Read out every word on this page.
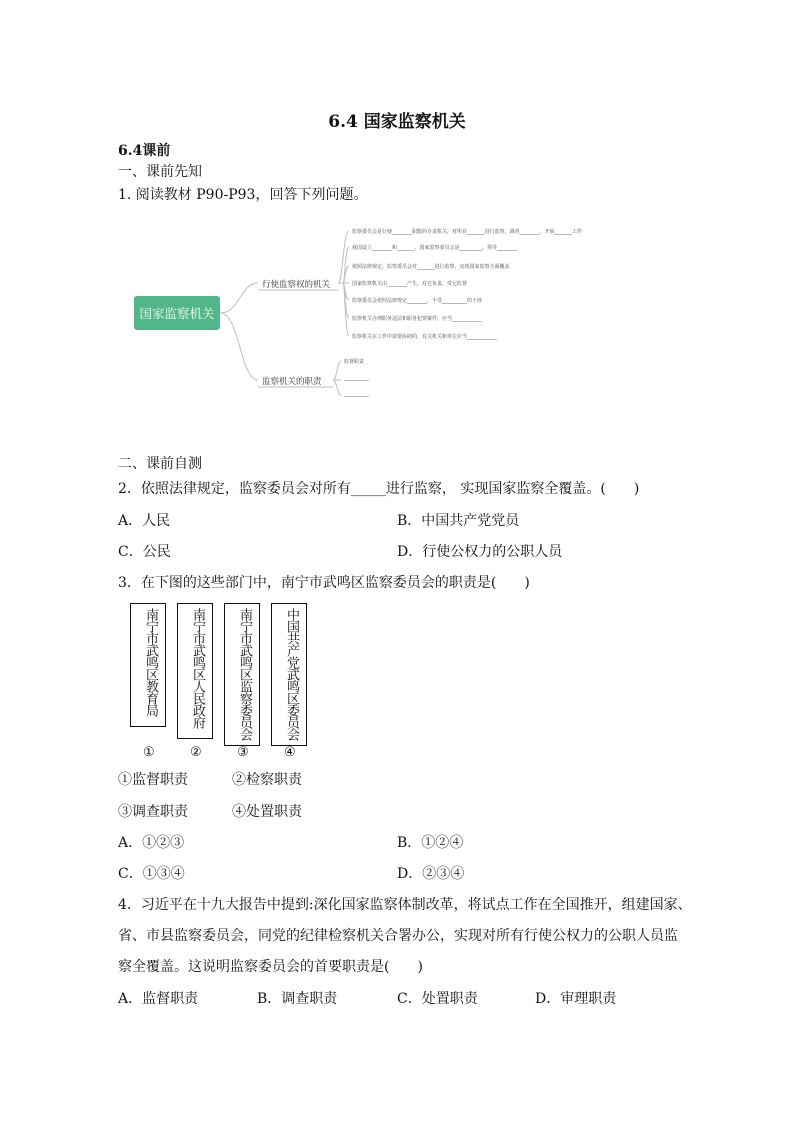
6.4 国家监察机关
6.4课前
一、课前先知
1. 阅读教材 P90-P93，回答下列问题。
国家监察机关
行使监察权的机关
监察机关的职责
监察委员会是行使________职能的专责机关，对所有_______进行监察，调查________，开展_______工作
我国设立________和_______，国家监察委员会是_________，领导________
依照法律规定，监察委员会对_______进行监察，实现国家监察全面覆盖
国家监察机关由________产生，对它负责，受它监督
监察委员会依照法律规定________，不受__________的干涉
监察机关办理职务违法和职务犯罪案件，应当____________
监察机关在工作中需要协助的，有关机关和单位应当____________
监督职责
__________
__________
二、课前自测
2．依照法律规定，监察委员会对所有_____进行监察， 实现国家监察全覆盖。(　　)
A．人民	B．中国共产党党员
C．公民	D．行使公权力的公职人员
3．在下图的这些部门中，南宁市武鸣区监察委员会的职责是(　　)
南宁市武鸣区教育局	南宁市武鸣区人民政府	南宁市武鸣区监察委员会	中国共产党武鸣区委员会
①	②	③	④
①监督职责	②检察职责
③调查职责	④处置职责
A．①②③	B．①②④
C．①③④	D．②③④
4．习近平在十九大报告中提到:深化国家监察体制改革，将试点工作在全国推开，组建国家、
省、市县监察委员会，同党的纪律检察机关合署办公，实现对所有行使公权力的公职人员监
察全覆盖。这说明监察委员会的首要职责是(　　)
A．监督职责	B．调查职责	C．处置职责	D．审理职责
